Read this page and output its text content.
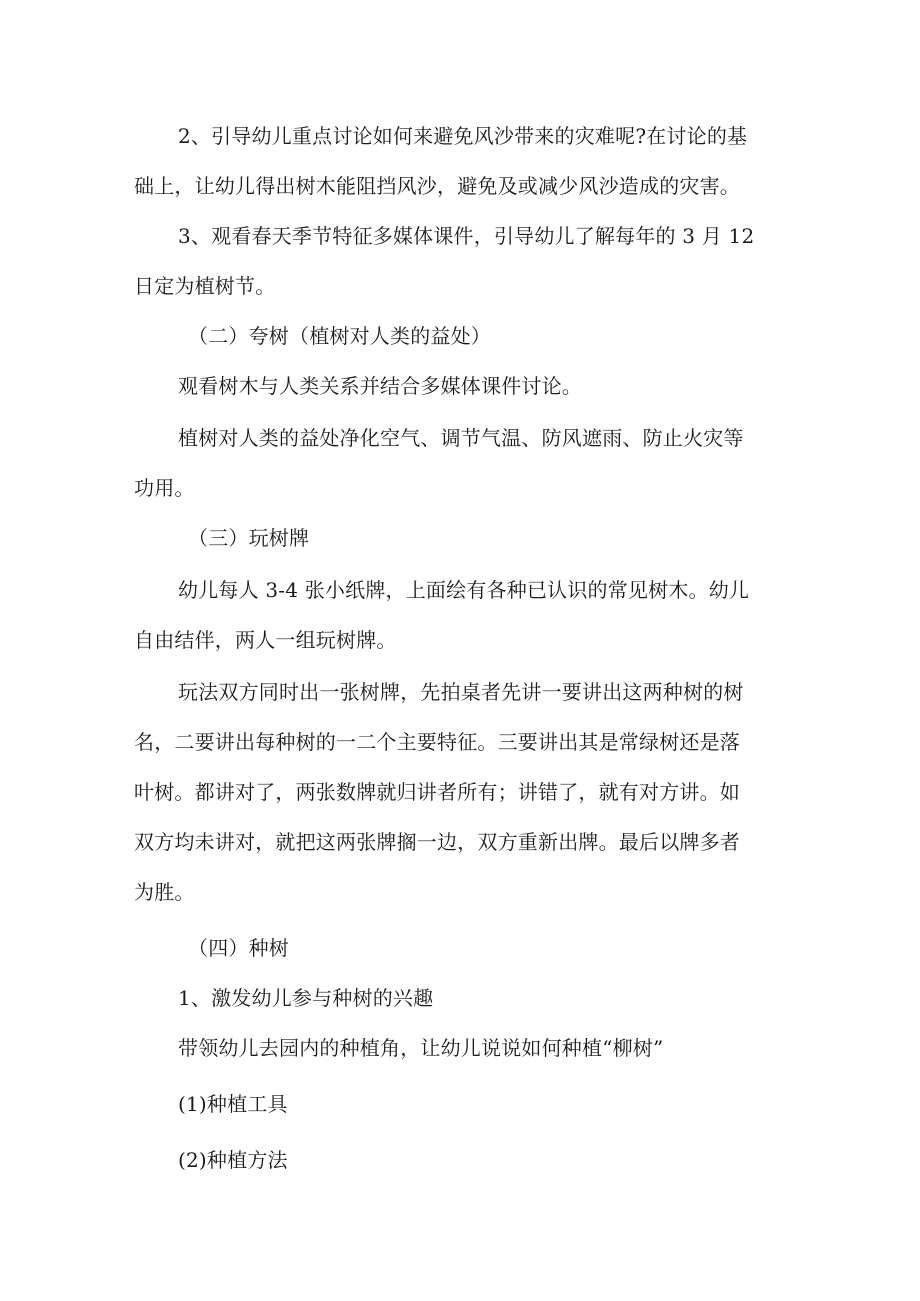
2、引导幼儿重点讨论如何来避免风沙带来的灾难呢?在讨论的基

础上，让幼儿得出树木能阻挡风沙，避免及或减少风沙造成的灾害。

3、观看春天季节特征多媒体课件，引导幼儿了解每年的 3 月 12

日定为植树节。

（二）夸树（植树对人类的益处）

观看树木与人类关系并结合多媒体课件讨论。

植树对人类的益处净化空气、调节气温、防风遮雨、防止火灾等

功用。

（三）玩树牌

幼儿每人 3-4 张小纸牌，上面绘有各种已认识的常见树木。幼儿

自由结伴，两人一组玩树牌。

玩法双方同时出一张树牌，先拍桌者先讲一要讲出这两种树的树

名，二要讲出每种树的一二个主要特征。三要讲出其是常绿树还是落

叶树。都讲对了，两张数牌就归讲者所有；讲错了，就有对方讲。如

双方均未讲对，就把这两张牌搁一边，双方重新出牌。最后以牌多者

为胜。

（四）种树

1、激发幼儿参与种树的兴趣

带领幼儿去园内的种植角，让幼儿说说如何种植“柳树”

(1)种植工具

(2)种植方法
